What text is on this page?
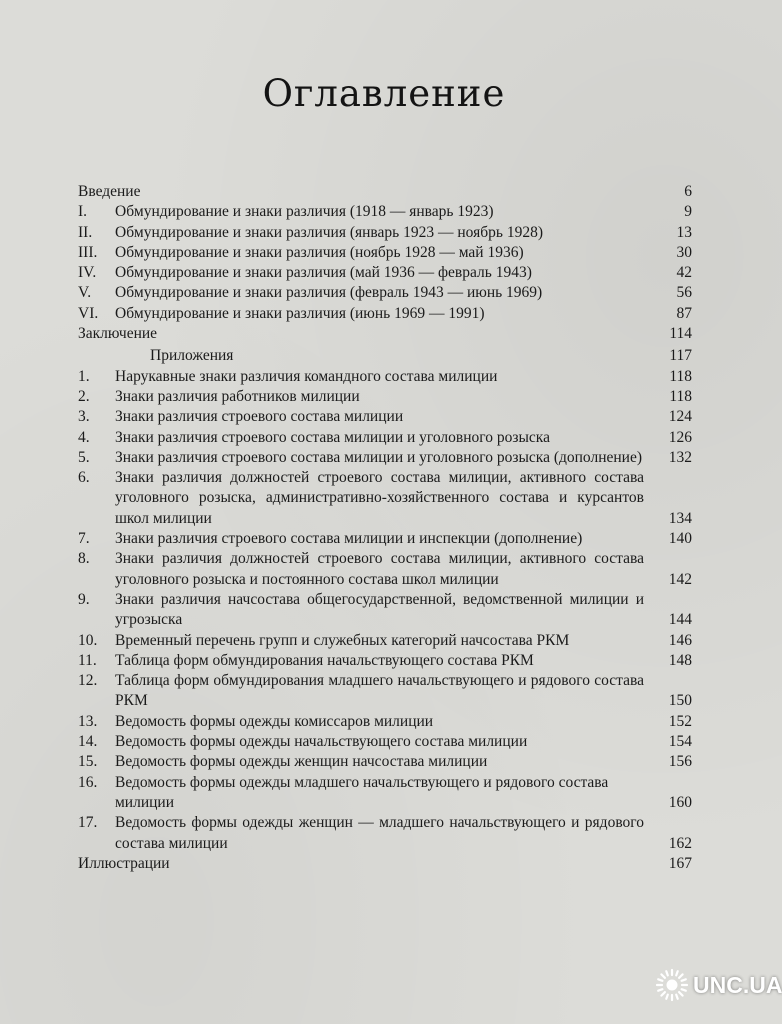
Оглавление
Введение	6
I.	Обмундирование и знаки различия (1918 — январь 1923)	9
II.	Обмундирование и знаки различия (январь 1923 — ноябрь 1928)	13
III.	Обмундирование и знаки различия (ноябрь 1928 — май 1936)	30
IV.	Обмундирование и знаки различия (май 1936 — февраль 1943)	42
V.	Обмундирование и знаки различия (февраль 1943 — июнь 1969)	56
VI.	Обмундирование и знаки различия (июнь 1969 — 1991)	87
Заключение	114
Приложения	117
1.	Нарукавные знаки различия командного состава милиции	118
2.	Знаки различия работников милиции	118
3.	Знаки различия строевого состава милиции	124
4.	Знаки различия строевого состава милиции и уголовного розыска	126
5.	Знаки различия строевого состава милиции и уголовного розыска (дополнение)	132
6.	Знаки различия должностей строевого состава милиции, активного состава уголовного розыска, административно-хозяйственного состава и курсантов школ милиции	134
7.	Знаки различия строевого состава милиции и инспекции (дополнение)	140
8.	Знаки различия должностей строевого состава милиции, активного состава уголовного розыска и постоянного состава школ милиции	142
9.	Знаки различия начсостава общегосударственной, ведомственной милиции и угрозыска	144
10.	Временный перечень групп и служебных категорий начсостава РКМ	146
11.	Таблица форм обмундирования начальствующего состава РКМ	148
12.	Таблица форм обмундирования младшего начальствующего и рядового состава РКМ	150
13.	Ведомость формы одежды комиссаров милиции	152
14.	Ведомость формы одежды начальствующего состава милиции	154
15.	Ведомость формы одежды женщин начсостава милиции	156
16.	Ведомость формы одежды младшего начальствующего и рядового состава милиции	160
17.	Ведомость формы одежды женщин — младшего начальствующего и рядового состава милиции	162
Иллюстрации	167
UNC.UA
